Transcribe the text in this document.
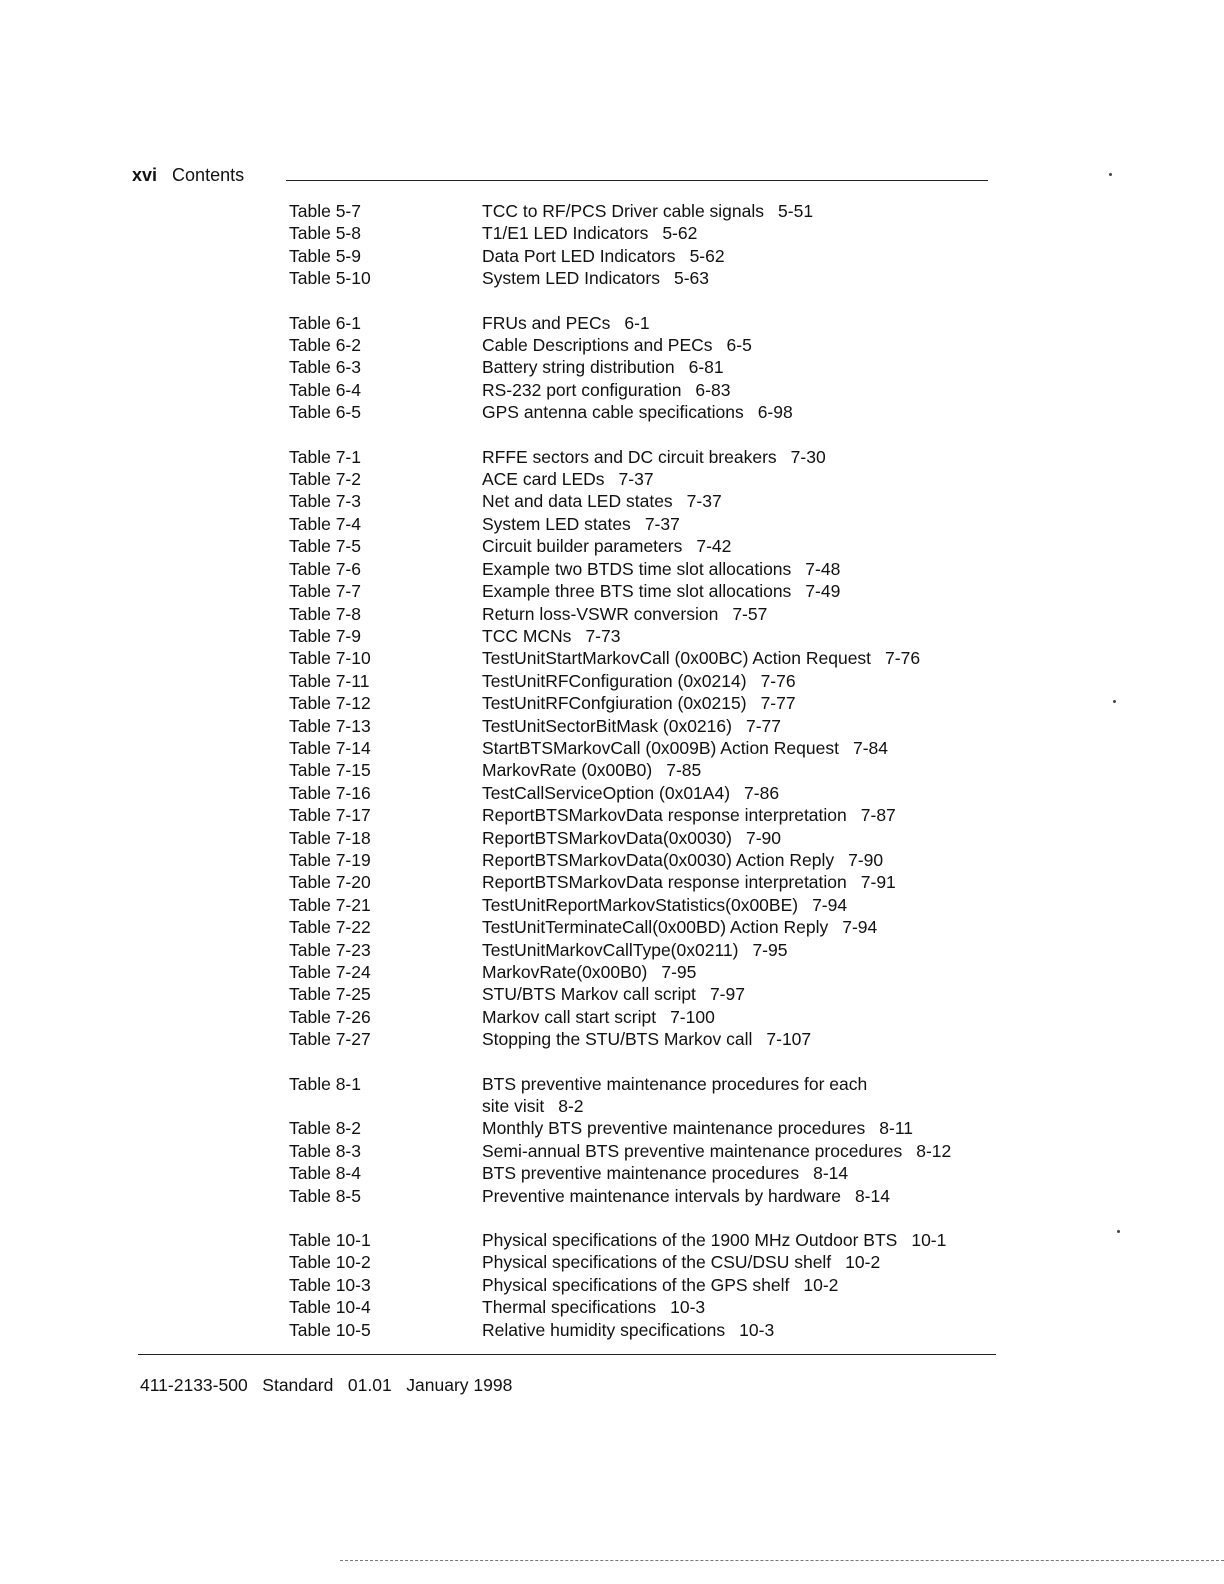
xvi Contents
Table 5-7	TCC to RF/PCS Driver cable signals 5-51
Table 5-8	T1/E1 LED Indicators 5-62
Table 5-9	Data Port LED Indicators 5-62
Table 5-10	System LED Indicators 5-63
Table 6-1	FRUs and PECs 6-1
Table 6-2	Cable Descriptions and PECs 6-5
Table 6-3	Battery string distribution 6-81
Table 6-4	RS-232 port configuration 6-83
Table 6-5	GPS antenna cable specifications 6-98
Table 7-1	RFFE sectors and DC circuit breakers 7-30
Table 7-2	ACE card LEDs 7-37
Table 7-3	Net and data LED states 7-37
Table 7-4	System LED states 7-37
Table 7-5	Circuit builder parameters 7-42
Table 7-6	Example two BTDS time slot allocations 7-48
Table 7-7	Example three BTS time slot allocations 7-49
Table 7-8	Return loss-VSWR conversion 7-57
Table 7-9	TCC MCNs 7-73
Table 7-10	TestUnitStartMarkovCall (0x00BC) Action Request 7-76
Table 7-11	TestUnitRFConfiguration (0x0214) 7-76
Table 7-12	TestUnitRFConfgiuration (0x0215) 7-77
Table 7-13	TestUnitSectorBitMask (0x0216) 7-77
Table 7-14	StartBTSMarkovCall (0x009B) Action Request 7-84
Table 7-15	MarkovRate (0x00B0) 7-85
Table 7-16	TestCallServiceOption (0x01A4) 7-86
Table 7-17	ReportBTSMarkovData response interpretation 7-87
Table 7-18	ReportBTSMarkovData(0x0030) 7-90
Table 7-19	ReportBTSMarkovData(0x0030) Action Reply 7-90
Table 7-20	ReportBTSMarkovData response interpretation 7-91
Table 7-21	TestUnitReportMarkovStatistics(0x00BE) 7-94
Table 7-22	TestUnitTerminateCall(0x00BD) Action Reply 7-94
Table 7-23	TestUnitMarkovCallType(0x0211) 7-95
Table 7-24	MarkovRate(0x00B0) 7-95
Table 7-25	STU/BTS Markov call script 7-97
Table 7-26	Markov call start script 7-100
Table 7-27	Stopping the STU/BTS Markov call 7-107
Table 8-1	BTS preventive maintenance procedures for each
site visit 8-2
Table 8-2	Monthly BTS preventive maintenance procedures 8-11
Table 8-3	Semi-annual BTS preventive maintenance procedures 8-12
Table 8-4	BTS preventive maintenance procedures 8-14
Table 8-5	Preventive maintenance intervals by hardware 8-14
Table 10-1	Physical specifications of the 1900 MHz Outdoor BTS 10-1
Table 10-2	Physical specifications of the CSU/DSU shelf 10-2
Table 10-3	Physical specifications of the GPS shelf 10-2
Table 10-4	Thermal specifications 10-3
Table 10-5	Relative humidity specifications 10-3
411-2133-500 Standard 01.01 January 1998
